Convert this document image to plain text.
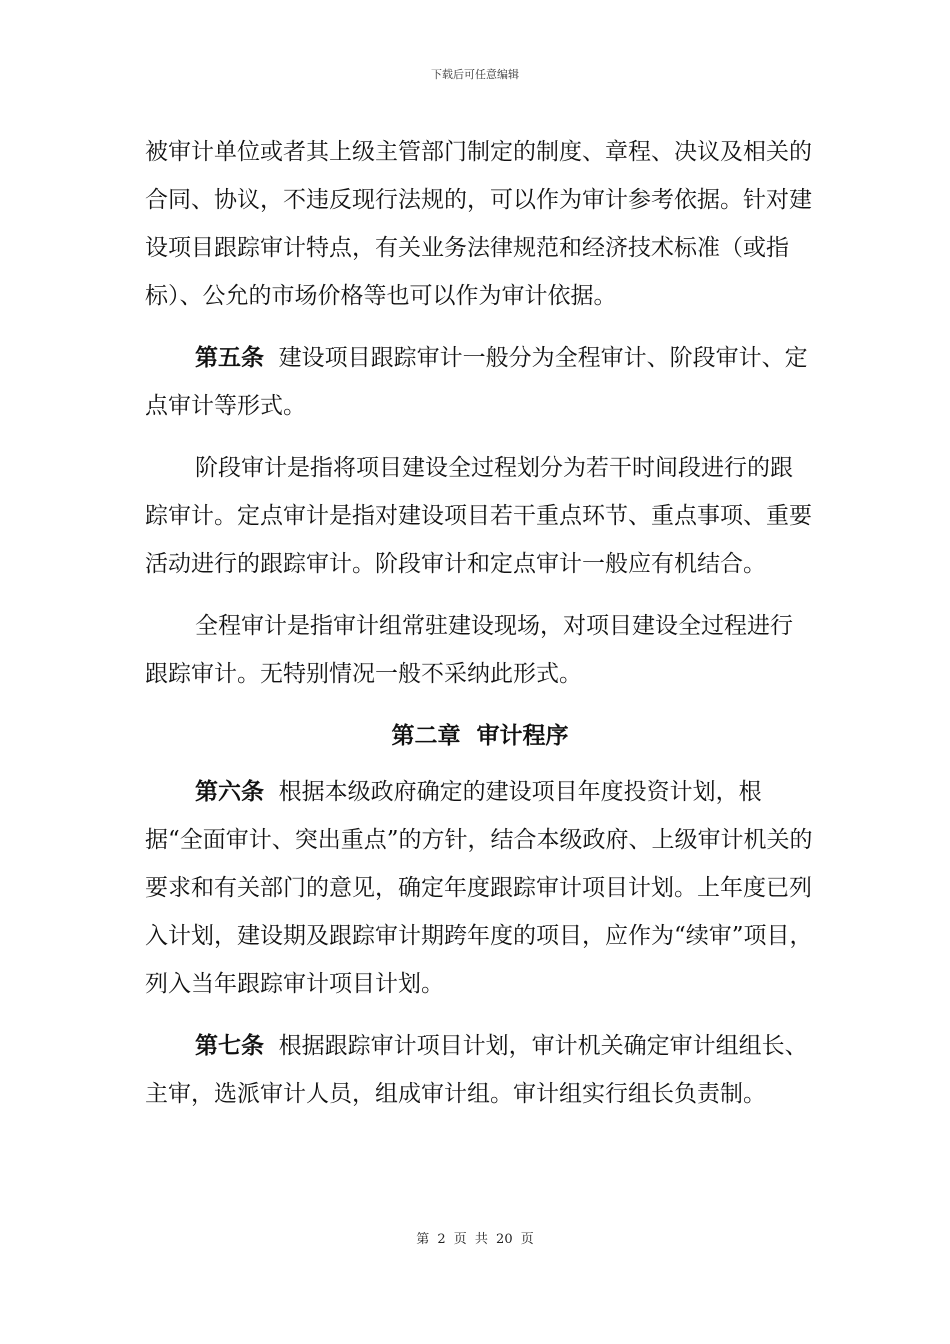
下载后可任意编辑

被审计单位或者其上级主管部门制定的制度、章程、决议及相关的合同、协议，不违反现行法规的，可以作为审计参考依据。针对建设项目跟踪审计特点，有关业务法律规范和经济技术标准（或指标）、公允的市场价格等也可以作为审计依据。

第五条 建设项目跟踪审计一般分为全程审计、阶段审计、定点审计等形式。

阶段审计是指将项目建设全过程划分为若干时间段进行的跟踪审计。定点审计是指对建设项目若干重点环节、重点事项、重要活动进行的跟踪审计。阶段审计和定点审计一般应有机结合。

全程审计是指审计组常驻建设现场，对项目建设全过程进行跟踪审计。无特别情况一般不采纳此形式。

第二章  审计程序

第六条 根据本级政府确定的建设项目年度投资计划，根据“全面审计、突出重点”的方针，结合本级政府、上级审计机关的要求和有关部门的意见，确定年度跟踪审计项目计划。上年度已列入计划，建设期及跟踪审计期跨年度的项目，应作为“续审”项目，列入当年跟踪审计项目计划。

第七条 根据跟踪审计项目计划，审计机关确定审计组组长、主审，选派审计人员，组成审计组。审计组实行组长负责制。

第 2 页 共 20 页
